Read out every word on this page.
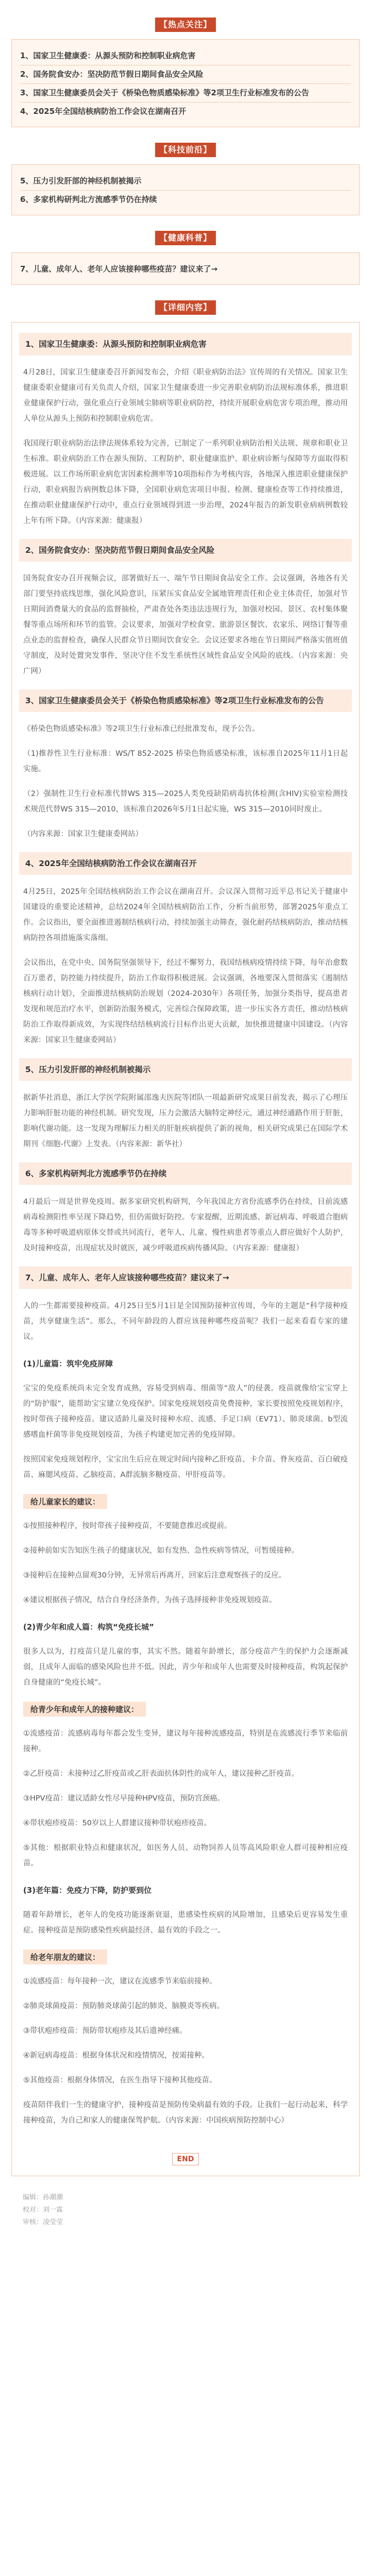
【热点关注】
1、国家卫生健康委：从源头预防和控制职业病危害
2、国务院食安办：坚决防范节假日期间食品安全风险
3、国家卫生健康委员会关于《桥染色物质感染标准》等2项卫生行业标准发布的公告
4、2025年全国结核病防治工作会议在湖南召开
【科技前沿】
5、压力引发肝部的神经机制被揭示
6、多家机构研判北方流感季节仍在持续
【健康科普】
7、儿童、成年人、老年人应该接种哪些疫苗？建议来了→
【详细内容】
1、国家卫生健康委：从源头预防和控制职业病危害

4月28日，国家卫生健康委召开新闻发布会，介绍《职业病防治法》宣传周的有关情况。国家卫生健康委职业健康司有关负责人介绍，国家卫生健康委进一步完善职业病防治法规标准体系，推进职业健康保护行动，强化重点行业领域尘肺病等职业病防控，持续开展职业病危害专项治理，推动用人单位从源头上预防和控制职业病危害。

我国现行职业病防治法律法规体系较为完善，已制定了一系列职业病防治相关法规、规章和职业卫生标准。职业病防治工作在源头预防、工程防护、职业健康监护、职业病诊断与保障等方面取得积极进展。以工作场所职业病危害因素检测率等10项指标作为考核内容，各地深入推进职业健康保护行动，职业病报告病例数总体下降，全国职业病危害项目申报、检测、健康检查等工作持续推进，在推动职业健康保护行动中，重点行业领域得到进一步治理，2024年报告的新发职业病病例数较上年有所下降。（内容来源：健康报）

2、国务院食安办：坚决防范节假日期间食品安全风险

国务院食安办召开视频会议，部署做好五一、端午节日期间食品安全工作。会议强调，各地各有关部门要坚持底线思维，强化风险意识，压紧压实食品安全属地管理责任和企业主体责任，加强对节日期间消费量大的食品的监督抽检，严肃查处各类违法违规行为，加强对校园、景区、农村集体聚餐等重点场所和环节的监管。会议要求，加强对学校食堂、旅游景区餐饮、农家乐、网络订餐等重点业态的监督检查，确保人民群众节日期间饮食安全。会议还要求各地在节日期间严格落实值班值守制度，及时处置突发事件，坚决守住不发生系统性区域性食品安全风险的底线。（内容来源：央广网）

3、国家卫生健康委员会关于《桥染色物质感染标准》等2项卫生行业标准发布的公告

《桥染色物质感染标准》等2项卫生行业标准已经批准发布，现予公告。

（1)推荐性卫生行业标准：WS/T 852-2025 桥染色物质感染标准，该标准自2025年11月1日起实施。

（2）强制性卫生行业标准代替WS 315—2025人类免疫缺陷病毒抗体检测(含HIV)实验室检测技术规范代替WS 315—2010，该标准自2026年5月1日起实施，WS 315—2010同时废止。

（内容来源：国家卫生健康委网站）

4、2025年全国结核病防治工作会议在湖南召开

4月25日，2025年全国结核病防治工作会议在湖南召开。会议深入贯彻习近平总书记关于健康中国建设的重要论述精神，总结2024年全国结核病防治工作，分析当前形势，部署2025年重点工作。会议指出，要全面推进遏制结核病行动，持续加强主动筛查，强化耐药结核病防治，推动结核病防控各项措施落实落细。

会议指出，在党中央、国务院坚强领导下，经过不懈努力，我国结核病疫情持续下降，每年治愈数百万患者，防控能力持续提升，防治工作取得积极进展。会议强调，各地要深入贯彻落实《遏制结核病行动计划》，全面推进结核病防治规划（2024-2030年）各项任务，加强分类指导，提高患者发现和规范治疗水平，创新防治服务模式，完善综合保障政策，进一步压实各方责任，推动结核病防治工作取得新成效，为实现终结结核病流行目标作出更大贡献，加快推进健康中国建设。（内容来源：国家卫生健康委网站）

5、压力引发肝部的神经机制被揭示

据新华社消息，浙江大学医学院附属邵逸夫医院等团队一项最新研究成果日前发表，揭示了心理压力影响肝脏功能的神经机制。研究发现，压力会激活大脑特定神经元，通过神经通路作用于肝脏，影响代谢功能。这一发现为理解压力相关的肝脏疾病提供了新的视角，相关研究成果已在国际学术期刊《细胞-代谢》上发表。（内容来源：新华社）

6、多家机构研判北方流感季节仍在持续

4月最后一周是世界免疫周。据多家研究机构研判，今年我国北方省份流感季仍在持续，目前流感病毒检测阳性率呈现下降趋势，但仍需做好防控。专家提醒，近期流感、新冠病毒、呼吸道合胞病毒等多种呼吸道病原体交替或共同流行，老年人、儿童、慢性病患者等重点人群应做好个人防护，及时接种疫苗，出现症状及时就医，减少呼吸道疾病传播风险。（内容来源：健康报）

7、儿童、成年人、老年人应该接种哪些疫苗？建议来了→

人的一生都需要接种疫苗。4月25日至5月1日是全国预防接种宣传周，今年的主题是“科学接种疫苗，共享健康生活”。那么，不同年龄段的人群应该接种哪些疫苗呢？我们一起来看看专家的建议。

(1)儿童篇：筑牢免疫屏障

宝宝的免疫系统尚未完全发育成熟，容易受到病毒、细菌等“敌人”的侵袭。疫苗就像给宝宝穿上的“防护服”，能帮助宝宝建立免疫保护。国家免疫规划疫苗免费接种，家长要按照免疫规划程序，按时带孩子接种疫苗。建议适龄儿童及时接种水痘、流感、手足口病（EV71）、肺炎球菌、b型流感嗜血杆菌等非免疫规划疫苗，为孩子构建更加完善的免疫屏障。

按照国家免疫规划程序，宝宝出生后应在规定时间内接种乙肝疫苗、卡介苗、脊灰疫苗、百白破疫苗、麻腮风疫苗、乙脑疫苗、A群流脑多糖疫苗、甲肝疫苗等。

给儿童家长的建议：

①按照接种程序，按时带孩子接种疫苗，不要随意推迟或提前。

②接种前如实告知医生孩子的健康状况，如有发热、急性疾病等情况，可暂缓接种。

③接种后在接种点留观30分钟，无异常后再离开，回家后注意观察孩子的反应。

④建议根据孩子情况，结合自身经济条件，为孩子选择接种非免疫规划疫苗。

(2)青少年和成人篇：构筑“免疫长城”

很多人以为，打疫苗只是儿童的事，其实不然。随着年龄增长，部分疫苗产生的保护力会逐渐减弱，且成年人面临的感染风险也并不低。因此，青少年和成年人也需要及时接种疫苗，构筑起保护自身健康的“免疫长城”。

给青少年和成年人的接种建议：

①流感疫苗：流感病毒每年都会发生变异，建议每年接种流感疫苗，特别是在流感流行季节来临前接种。

②乙肝疫苗：未接种过乙肝疫苗或乙肝表面抗体阴性的成年人，建议接种乙肝疫苗。

③HPV疫苗：建议适龄女性尽早接种HPV疫苗，预防宫颈癌。

④带状疱疹疫苗：50岁以上人群建议接种带状疱疹疫苗。

⑤其他：根据职业特点和健康状况，如医务人员、动物饲养人员等高风险职业人群可接种相应疫苗。

(3)老年篇：免疫力下降，防护要到位

随着年龄增长，老年人的免疫功能逐渐衰退，患感染性疾病的风险增加，且感染后更容易发生重症。接种疫苗是预防感染性疾病最经济、最有效的手段之一。

给老年朋友的建议：

①流感疫苗：每年接种一次，建议在流感季节来临前接种。

②肺炎球菌疫苗：预防肺炎球菌引起的肺炎、脑膜炎等疾病。

③带状疱疹疫苗：预防带状疱疹及其后遗神经痛。

④新冠病毒疫苗：根据身体状况和疫情情况，按需接种。

⑤其他疫苗：根据身体情况，在医生指导下接种其他疫苗。

疫苗陪伴我们一生的健康守护，接种疫苗是预防传染病最有效的手段。让我们一起行动起来，科学接种疫苗，为自己和家人的健康保驾护航。（内容来源：中国疾病预防控制中心）

END
编辑：孙潮潮
校对：刘一霖
审核：凌莹莹
